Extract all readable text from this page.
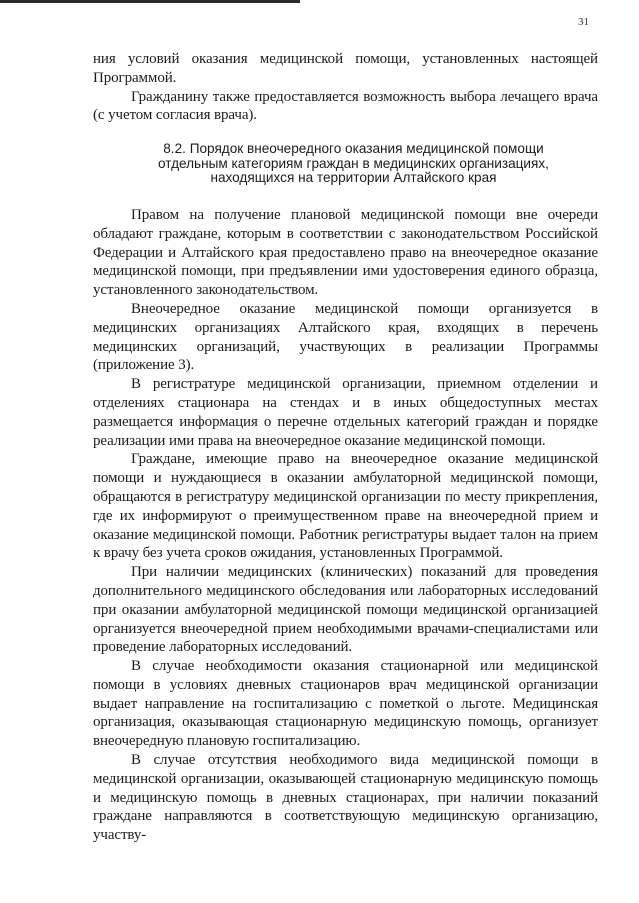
31

ния условий оказания медицинской помощи, установленных настоящей Программой.

Гражданину также предоставляется возможность выбора лечащего врача (с учетом согласия врача).

8.2. Порядок внеочередного оказания медицинской помощи отдельным категориям граждан в медицинских организациях, находящихся на территории Алтайского края

Правом на получение плановой медицинской помощи вне очереди обладают граждане, которым в соответствии с законодательством Российской Федерации и Алтайского края предоставлено право на внеочередное оказание медицинской помощи, при предъявлении ими удостоверения единого образца, установленного законодательством.

Внеочередное оказание медицинской помощи организуется в медицинских организациях Алтайского края, входящих в перечень медицинских организаций, участвующих в реализации Программы (приложение 3).

В регистратуре медицинской организации, приемном отделении и отделениях стационара на стендах и в иных общедоступных местах размещается информация о перечне отдельных категорий граждан и порядке реализации ими права на внеочередное оказание медицинской помощи.

Граждане, имеющие право на внеочередное оказание медицинской помощи и нуждающиеся в оказании амбулаторной медицинской помощи, обращаются в регистратуру медицинской организации по месту прикрепления, где их информируют о преимущественном праве на внеочередной прием и оказание медицинской помощи. Работник регистратуры выдает талон на прием к врачу без учета сроков ожидания, установленных Программой.

При наличии медицинских (клинических) показаний для проведения дополнительного медицинского обследования или лабораторных исследований при оказании амбулаторной медицинской помощи медицинской организацией организуется внеочередной прием необходимыми врачами-специалистами или проведение лабораторных исследований.

В случае необходимости оказания стационарной или медицинской помощи в условиях дневных стационаров врач медицинской организации выдает направление на госпитализацию с пометкой о льготе. Медицинская организация, оказывающая стационарную медицинскую помощь, организует внеочередную плановую госпитализацию.

В случае отсутствия необходимого вида медицинской помощи в медицинской организации, оказывающей стационарную медицинскую помощь и медицинскую помощь в дневных стационарах, при наличии показаний граждане направляются в соответствующую медицинскую организацию, участву-
